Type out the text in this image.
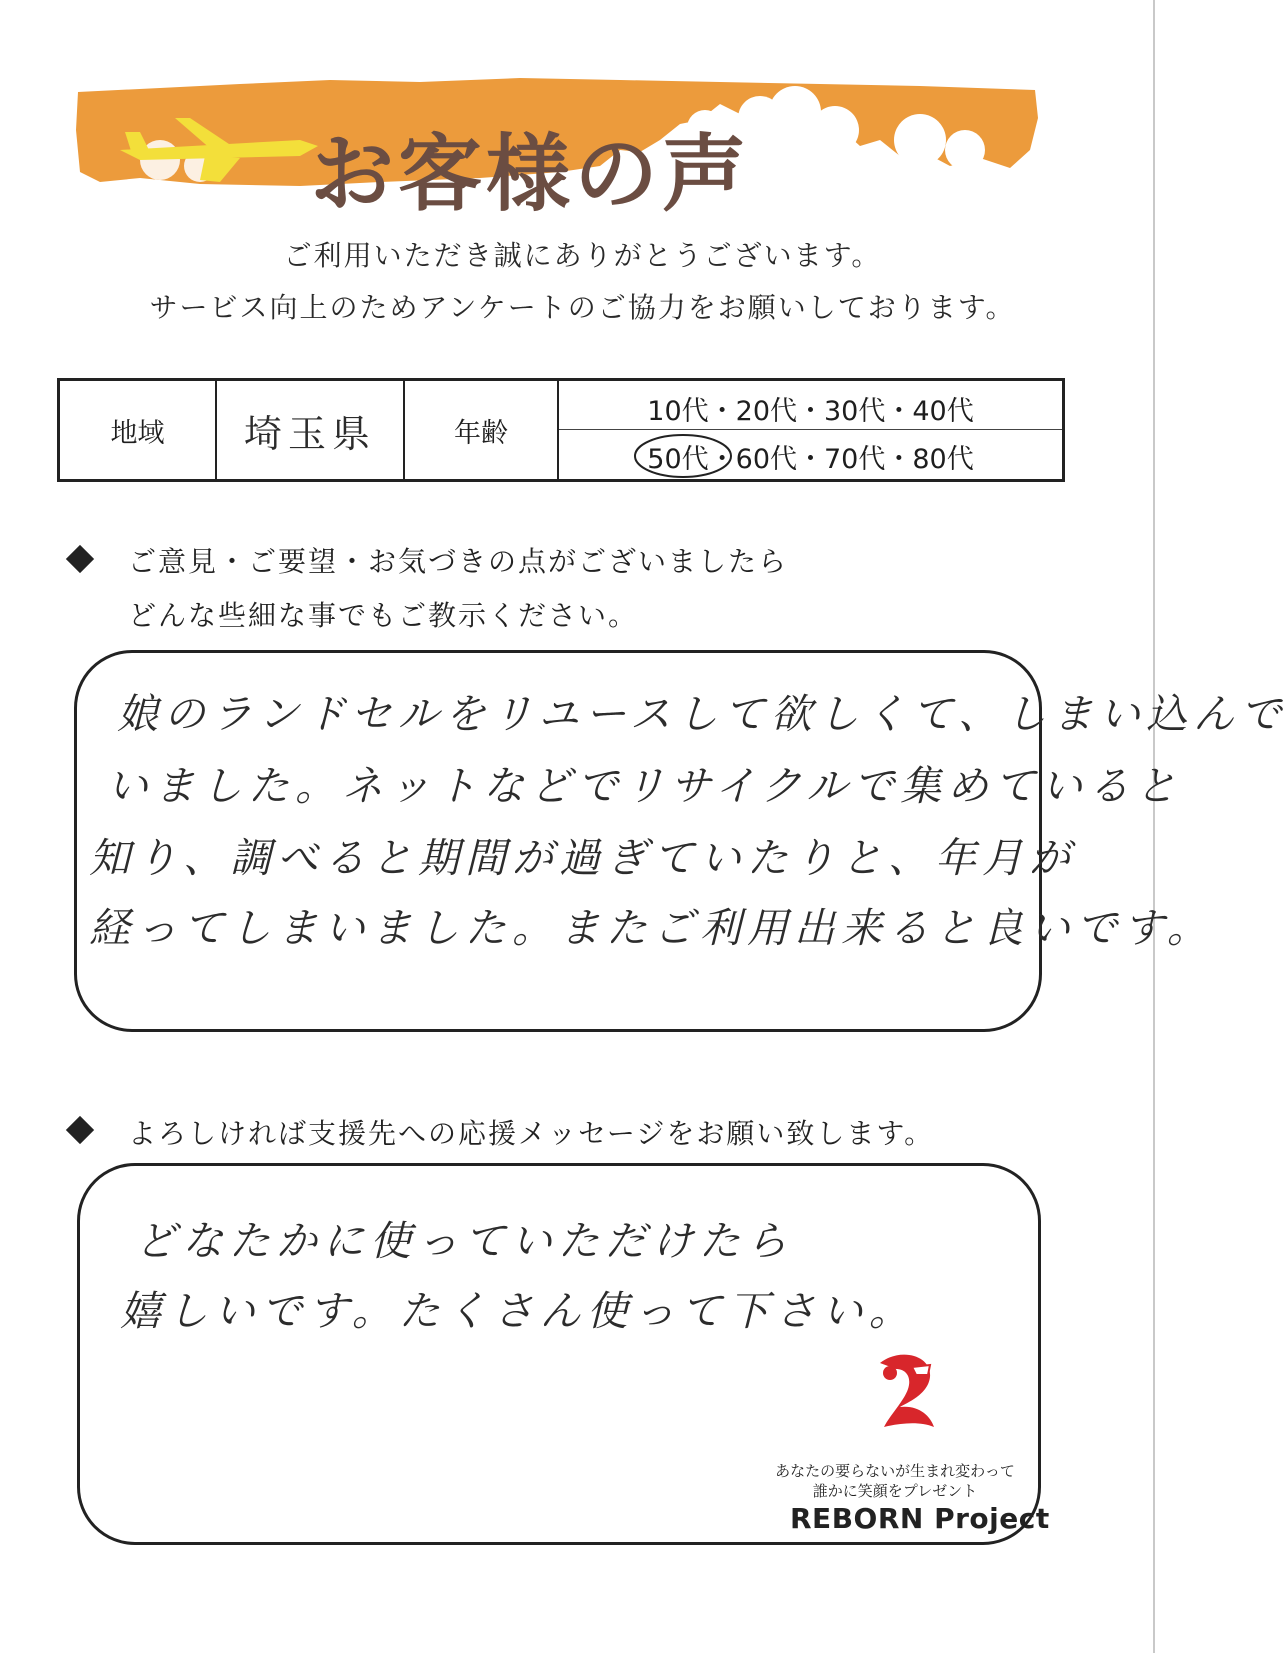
お客様の声
ご利用いただき誠にありがとうございます。
サービス向上のためアンケートのご協力をお願いしております。
地域 埼玉県	年齢
10代・20代・30代・40代
50代
・60代・70代・80代
ご意見・ご要望・お気づきの点がございましたら
どんな些細な事でもご教示ください。
娘のランドセルをリユースして欲しくて、しまい込んで
いました。ネットなどでリサイクルで集めていると
知り、調べると期間が過ぎていたりと、年月が
経ってしまいました。またご利用出来ると良いです。
よろしければ支援先への応援メッセージをお願い致します。
どなたかに使っていただけたら
嬉しいです。たくさん使って下さい。
あなたの要らないが生まれ変わって
誰かに笑顔をプレゼント
REBORN Project
